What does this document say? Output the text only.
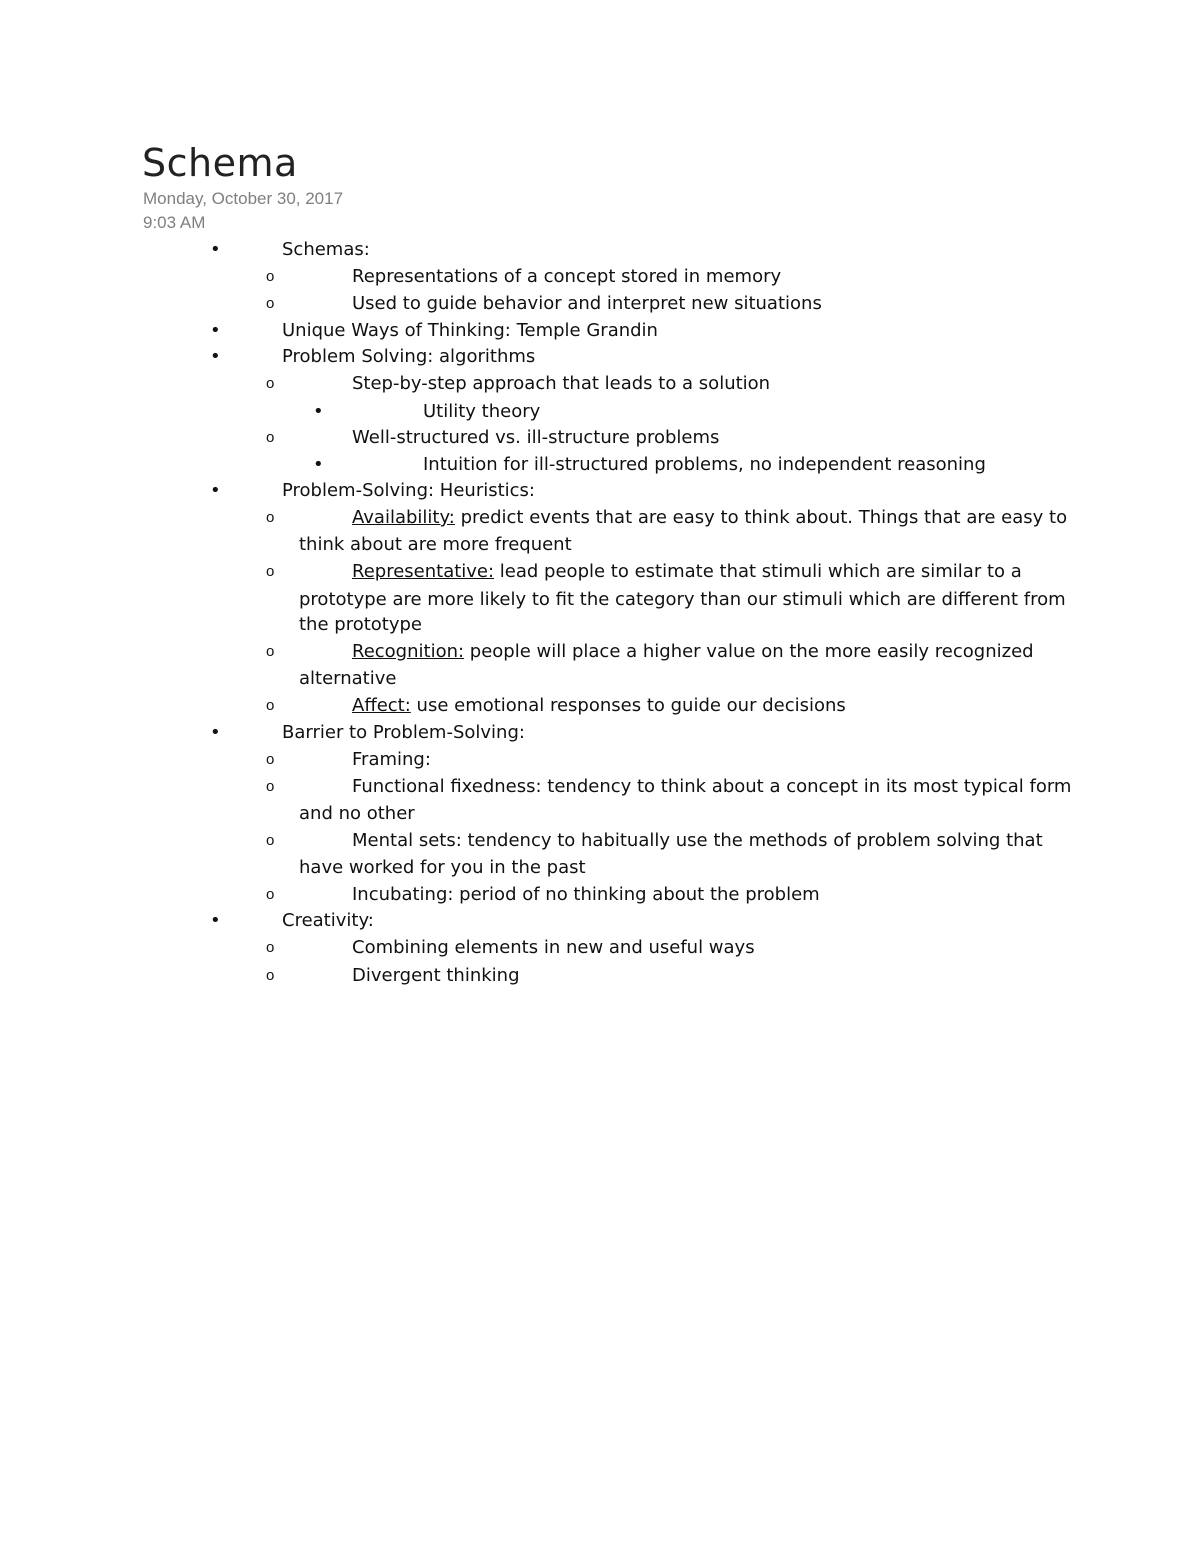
Schema
Monday, October 30, 2017
9:03 AM
•	Schemas:
o	Representations of a concept stored in memory
o	Used to guide behavior and interpret new situations
•	Unique Ways of Thinking: Temple Grandin
•	Problem Solving: algorithms
o	Step-by-step approach that leads to a solution
•	Utility theory
o	Well-structured vs. ill-structure problems
•	Intuition for ill-structured problems, no independent reasoning
•	Problem-Solving: Heuristics:
o	Availability: predict events that are easy to think about. Things that are easy to
think about are more frequent
o	Representative: lead people to estimate that stimuli which are similar to a
prototype are more likely to fit the category than our stimuli which are different from
the prototype
o	Recognition: people will place a higher value on the more easily recognized
alternative
o	Affect: use emotional responses to guide our decisions
•	Barrier to Problem-Solving:
o	Framing:
o	Functional fixedness: tendency to think about a concept in its most typical form
and no other
o	Mental sets: tendency to habitually use the methods of problem solving that
have worked for you in the past
o	Incubating: period of no thinking about the problem
•	Creativity:
o	Combining elements in new and useful ways
o	Divergent thinking
